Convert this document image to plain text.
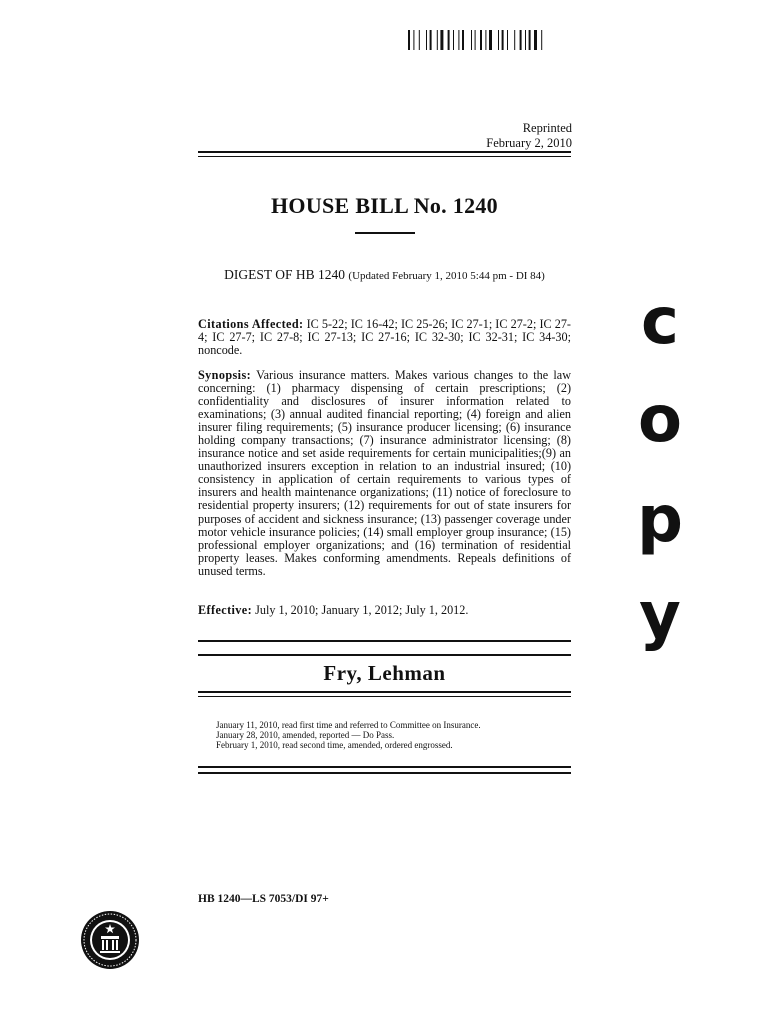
Reprinted
February 2, 2010
HOUSE BILL No. 1240
DIGEST OF HB 1240 (Updated February 1, 2010 5:44 pm - DI 84)
Citations Affected: IC 5-22; IC 16-42; IC 25-26; IC 27-1; IC 27-2; IC 27-4; IC 27-7; IC 27-8; IC 27-13; IC 27-16; IC 32-30; IC 32-31; IC 34-30; noncode.
Synopsis: Various insurance matters. Makes various changes to the law concerning: (1) pharmacy dispensing of certain prescriptions; (2) confidentiality and disclosures of insurer information related to examinations; (3) annual audited financial reporting; (4) foreign and alien insurer filing requirements; (5) insurance producer licensing; (6) insurance holding company transactions; (7) insurance administrator licensing; (8) insurance notice and set aside requirements for certain municipalities;(9) an unauthorized insurers exception in relation to an industrial insured; (10) consistency in application of certain requirements to various types of insurers and health maintenance organizations; (11) notice of foreclosure to residential property insurers; (12) requirements for out of state insurers for purposes of accident and sickness insurance; (13) passenger coverage under motor vehicle insurance policies; (14) small employer group insurance; (15) professional employer organizations; and (16) termination of residential property leases. Makes conforming amendments. Repeals definitions of unused terms.
Effective: July 1, 2010; January 1, 2012; July 1, 2012.
Fry, Lehman
January 11, 2010, read first time and referred to Committee on Insurance.
January 28, 2010, amended, reported — Do Pass.
February 1, 2010, read second time, amended, ordered engrossed.
HB 1240—LS 7053/DI 97+
c
o
p
y
